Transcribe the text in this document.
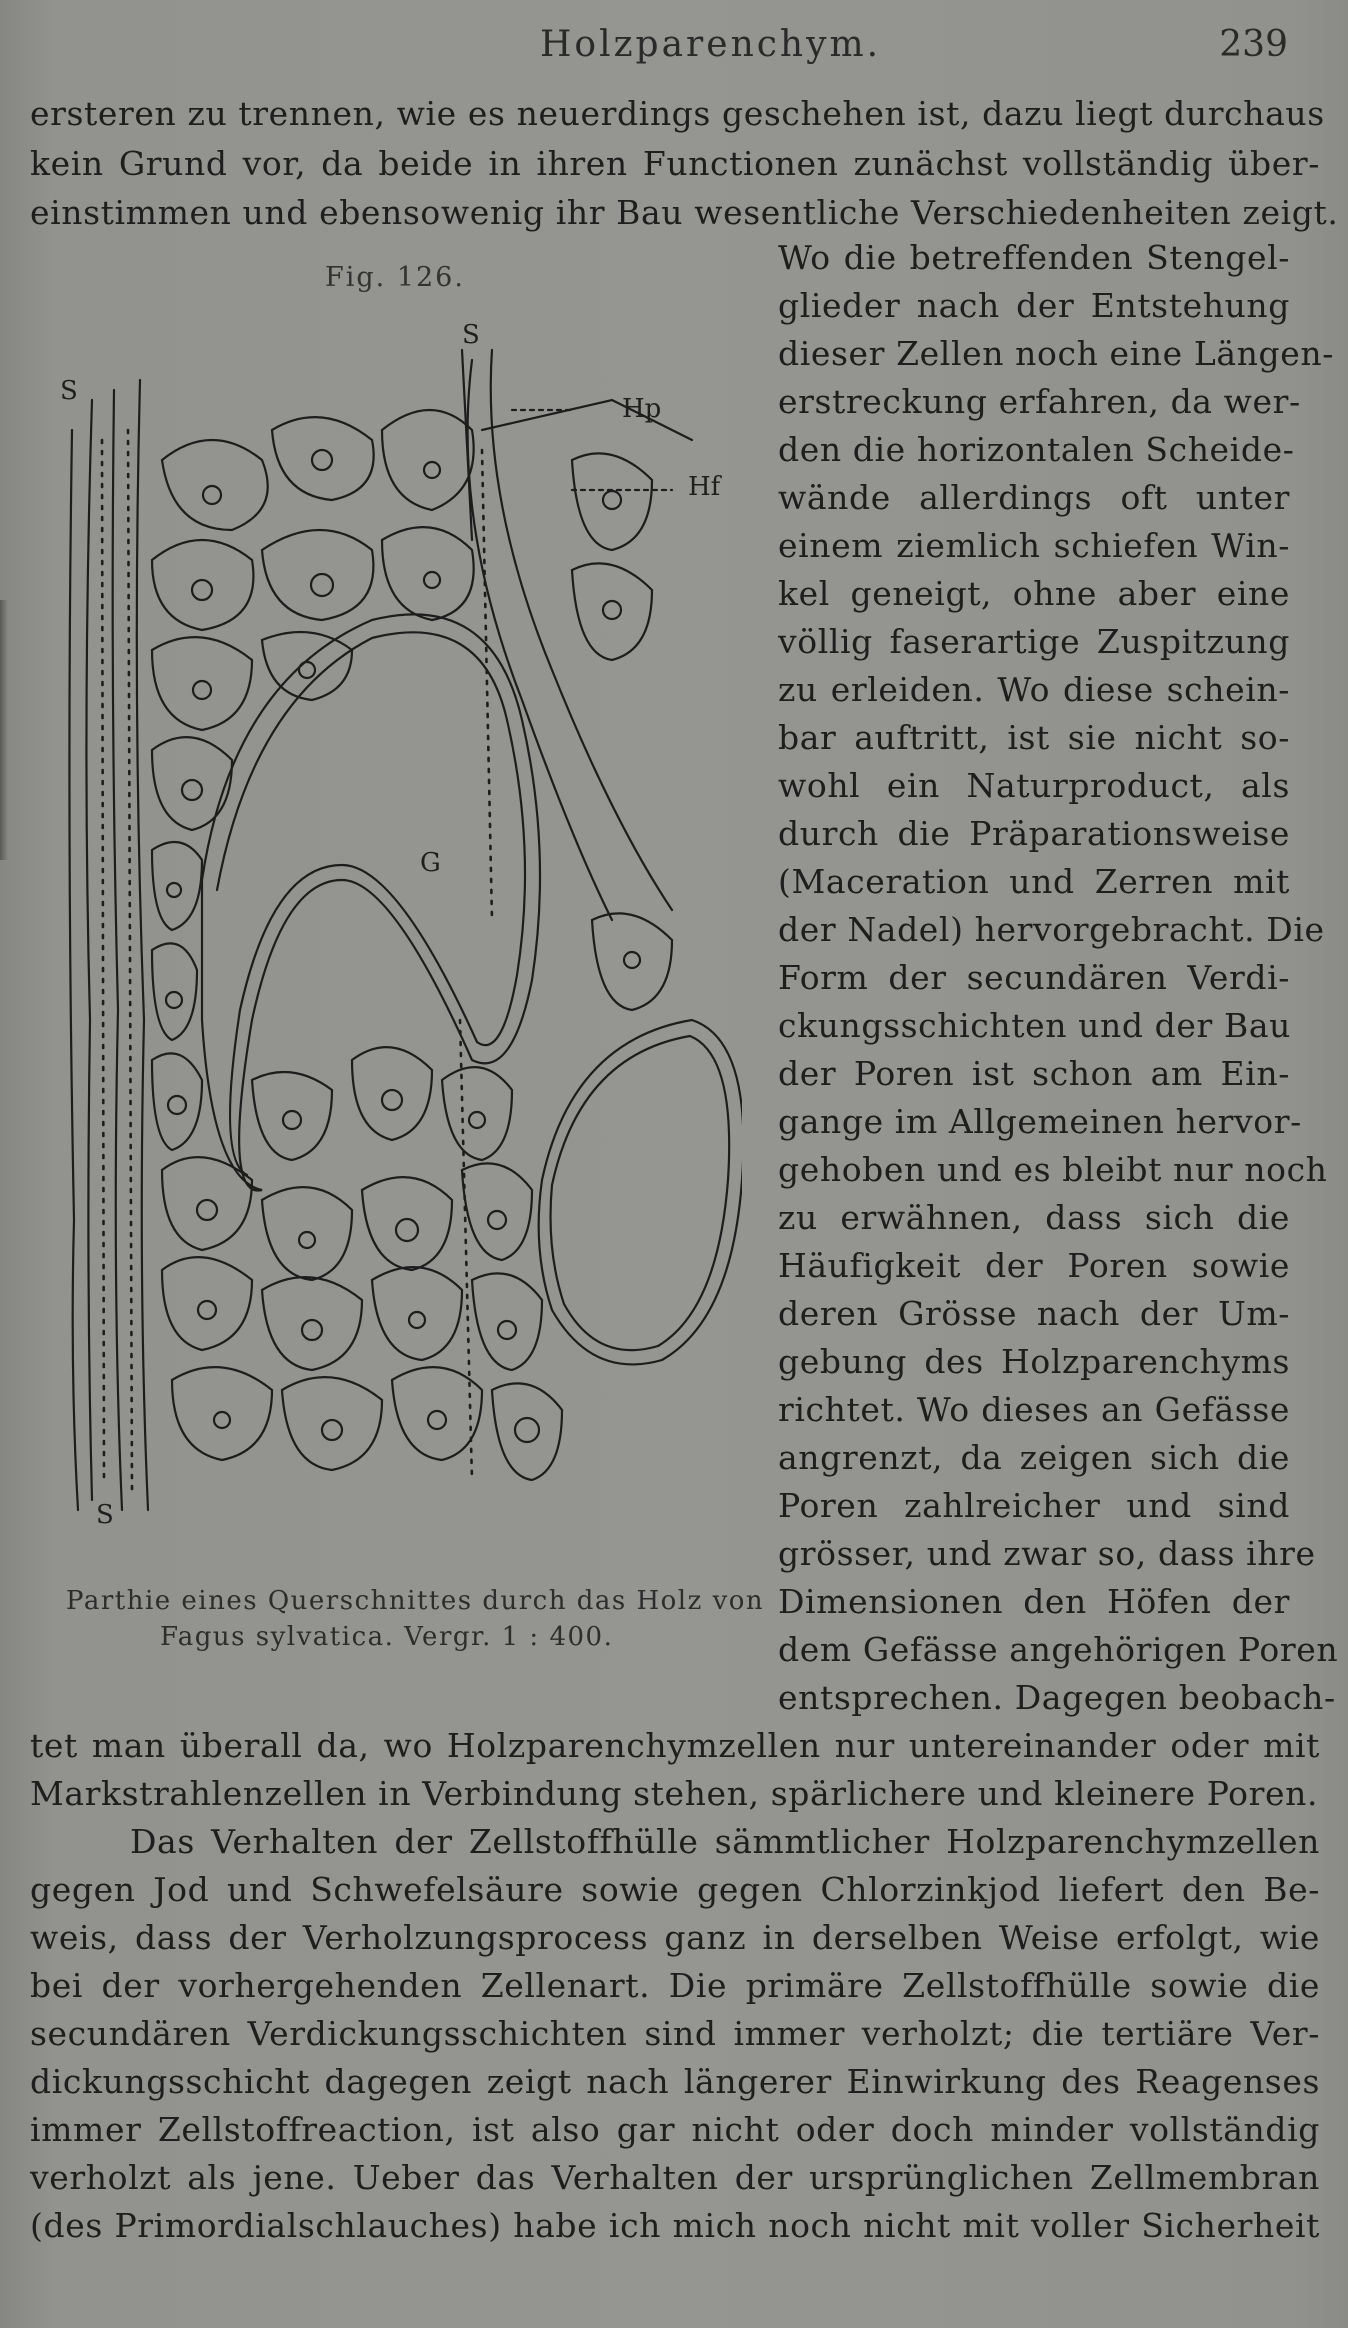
Holzparenchym.	239
ersteren zu trennen, wie es neuerdings geschehen ist, dazu liegt durchaus
kein Grund vor, da beide in ihren Functionen zunächst vollständig über-
einstimmen und ebensowenig ihr Bau wesentliche Verschiedenheiten zeigt.
Fig. 126.
S
S
Hp
Hf
G
S
Parthie eines Querschnittes durch das Holz von
Fagus sylvatica. Vergr. 1 : 400.
Wo die betreffenden Stengel-
glieder nach der Entstehung
dieser Zellen noch eine Längen-
erstreckung erfahren, da wer-
den die horizontalen Scheide-
wände allerdings oft unter
einem ziemlich schiefen Win-
kel geneigt, ohne aber eine
völlig faserartige Zuspitzung
zu erleiden. Wo diese schein-
bar auftritt, ist sie nicht so-
wohl ein Naturproduct, als
durch die Präparationsweise
(Maceration und Zerren mit
der Nadel) hervorgebracht. Die
Form der secundären Verdi-
ckungsschichten und der Bau
der Poren ist schon am Ein-
gange im Allgemeinen hervor-
gehoben und es bleibt nur noch
zu erwähnen, dass sich die
Häufigkeit der Poren sowie
deren Grösse nach der Um-
gebung des Holzparenchyms
richtet. Wo dieses an Gefässe
angrenzt, da zeigen sich die
Poren zahlreicher und sind
grösser, und zwar so, dass ihre
Dimensionen den Höfen der
dem Gefässe angehörigen Poren
entsprechen. Dagegen beobach-
tet man überall da, wo Holzparenchymzellen nur untereinander oder mit
Markstrahlenzellen in Verbindung stehen, spärlichere und kleinere Poren.
Das Verhalten der Zellstoffhülle sämmtlicher Holzparenchymzellen
gegen Jod und Schwefelsäure sowie gegen Chlorzinkjod liefert den Be-
weis, dass der Verholzungsprocess ganz in derselben Weise erfolgt, wie
bei der vorhergehenden Zellenart. Die primäre Zellstoffhülle sowie die
secundären Verdickungsschichten sind immer verholzt; die tertiäre Ver-
dickungsschicht dagegen zeigt nach längerer Einwirkung des Reagenses
immer Zellstoffreaction, ist also gar nicht oder doch minder vollständig
verholzt als jene. Ueber das Verhalten der ursprünglichen Zellmembran
(des Primordialschlauches) habe ich mich noch nicht mit voller Sicherheit
